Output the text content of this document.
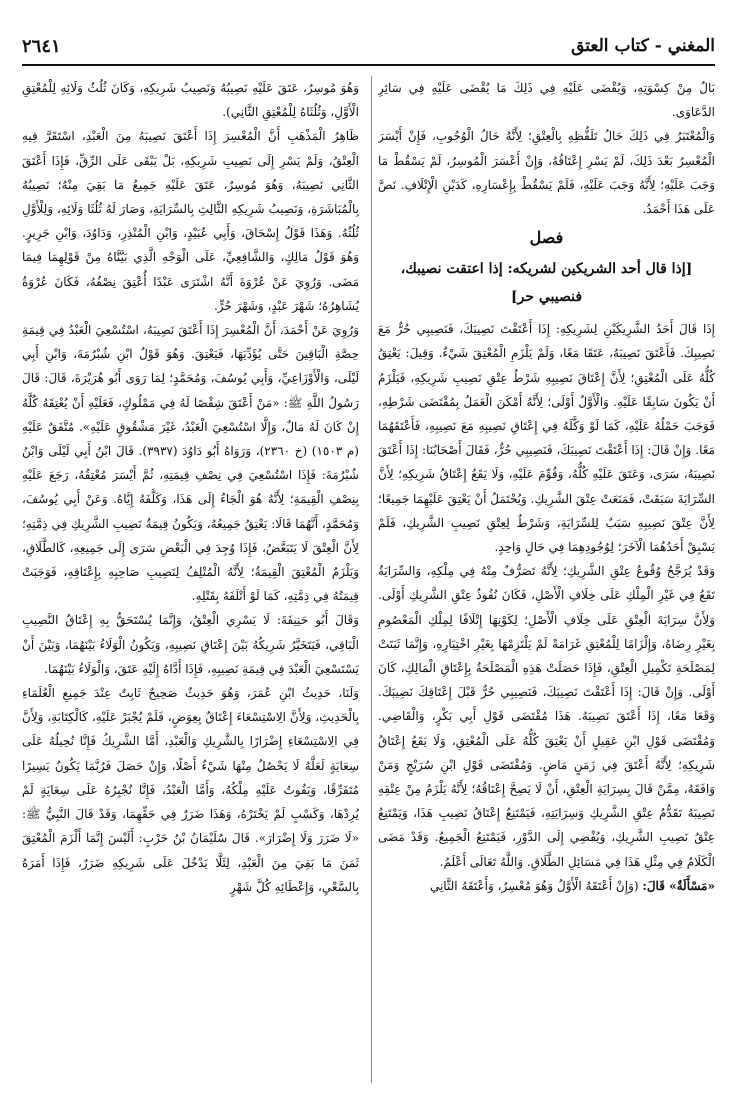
المغني - كتاب العتق
٢٦٤١

بَالٌ مِنْ كِسْوَتِهِ، وَيُقْضَى عَلَيْهِ فِي ذَلِكَ مَا يُقْضَى عَلَيْهِ فِي سَائِرِ الدَّعَاوَى.

وَالْمُعْتَبَرُ فِي ذَلِكَ حَالُ تَلَفُّظِهِ بِالْعِتْقِ؛ لِأَنَّهُ حَالُ الْوُجُوبِ، فَإِنْ أَيْسَرَ الْمُعْسِرُ بَعْدَ ذَلِكَ، لَمْ يَسْرِ إِعْتَاقُهُ، وَإِنْ أَعْسَرَ الْمُوسِرُ، لَمْ يَسْقُطْ مَا وَجَبَ عَلَيْهِ؛ لِأَنَّهُ وَجَبَ عَلَيْهِ، فَلَمْ يَسْقُطْ بِإِعْسَارِهِ، كَدَيْنِ الْإِتْلَافِ. نَصَّ عَلَى هَذَا أَحْمَدُ.

فصل
[إذا قال أحد الشريكين لشريكه: إذا اعتقت نصيبك، فنصيبي حر]

إِذَا قَالَ أَحَدُ الشَّرِيكَيْنِ لِشَرِيكِهِ: إِذَا أَعْتَقْتَ نَصِيبَكَ، فَنَصِيبِي حُرٌّ مَعَ نَصِيبِكَ. فَأَعْتَقَ نَصِيبَهُ، عَتَقَا مَعًا، وَلَمْ يَلْزَمِ الْمُعْتِقَ شَيْءٌ. وَقِيلَ: يَعْتِقُ كُلُّهُ عَلَى الْمُعْتِقِ؛ لِأَنَّ إِعْتَاقَ نَصِيبِهِ شَرْطُ عِتْقِ نَصِيبِ شَرِيكِهِ، فَيَلْزَمُ أَنْ يَكُونَ سَابِقًا عَلَيْهِ. وَالْأَوَّلُ أَوْلَى؛ لِأَنَّهُ أَمْكَنَ الْعَمَلُ بِمُقْتَضَى شَرْطِهِ، فَوَجَبَ حَمْلُهُ عَلَيْهِ، كَمَا لَوْ وَكَّلَهُ فِي إِعْتَاقِ نَصِيبِهِ مَعَ نَصِيبِهِ، فَأَعْتَقَهُمَا مَعًا. وَإِنْ قَالَ: إِذَا أَعْتَقْتَ نَصِيبَكَ، فَنَصِيبِي حُرٌّ، فَقَالَ أَصْحَابُنَا: إِذَا أَعْتَقَ نَصِيبَهُ، سَرَى، وَعَتَقَ عَلَيْهِ كُلُّهُ، وَقُوِّمَ عَلَيْهِ، وَلَا يَقَعُ إِعْتَاقُ شَرِيكِهِ؛ لِأَنَّ السِّرَايَةَ سَبَقَتْ، فَمَنَعَتْ عِتْقَ الشَّرِيكِ. وَيُحْتَمَلُ أَنْ يَعْتِقَ عَلَيْهِمَا جَمِيعًا؛ لِأَنَّ عِتْقَ نَصِيبِهِ سَبَبٌ لِلسِّرَايَةِ، وَشَرْطٌ لِعِتْقِ نَصِيبِ الشَّرِيكِ، فَلَمْ يَسْبِقْ أَحَدُهُمَا الْآخَرَ؛ لِوُجُودِهِمَا فِي حَالٍ وَاحِدٍ.

وَقَدْ يُرَجَّحُ وُقُوعُ عِتْقِ الشَّرِيكِ؛ لِأَنَّهُ تَصَرُّفٌ مِنْهُ فِي مِلْكِهِ، وَالسِّرَايَةُ تَقَعُ فِي غَيْرِ الْمِلْكِ عَلَى خِلَافِ الْأَصْلِ، فَكَانَ نُفُوذُ عِتْقِ الشَّرِيكِ أَوْلَى. وَلِأَنَّ سِرَايَةَ الْعِتْقِ عَلَى خِلَافِ الْأَصْلِ؛ لِكَوْنِهَا إِتْلَافًا لِمِلْكِ الْمَعْصُومِ بِغَيْرِ رِضَاهُ، وَإِلْزَامًا لِلْمُعْتِقِ غَرَامَةً لَمْ يَلْتَزِمْهَا بِغَيْرِ اخْتِيَارِهِ، وَإِنَّمَا ثَبَتَتْ لِمَصْلَحَةِ تَكْمِيلِ الْعِتْقِ، فَإِذَا حَصَلَتْ هَذِهِ الْمَصْلَحَةُ بِإِعْتَاقِ الْمَالِكِ، كَانَ أَوْلَى. وَإِنْ قَالَ: إِذَا أَعْتَقْتَ نَصِيبَكَ، فَنَصِيبِي حُرٌّ قَبْلَ إِعْتَاقِكَ نَصِيبَكَ. وَقَعَا مَعًا، إِذَا أَعْتَقَ نَصِيبَهُ. هَذَا مُقْتَضَى قَوْلِ أَبِي بَكْرٍ، وَالْقَاضِي. وَمُقْتَضَى قَوْلِ ابْنِ عَقِيلٍ أَنْ يَعْتِقَ كُلُّهُ عَلَى الْمُعْتِقِ، وَلَا يَقَعُ إِعْتَاقُ شَرِيكِهِ؛ لِأَنَّهُ أَعْتَقَ فِي زَمَنٍ مَاضٍ. وَمُقْتَضَى قَوْلِ ابْنِ سُرَيْجٍ وَمَنْ وَافَقَهُ، مِمَّنْ قَالَ بِسِرَايَةِ الْعِتْقِ، أَنْ لَا يَصِحَّ إِعْتَاقُهُ؛ لِأَنَّهُ يَلْزَمُ مِنْ عِتْقِهِ نَصِيبَهُ تَقَدُّمُ عِتْقِ الشَّرِيكِ وَسِرَايَتِهِ، فَيَمْتَنِعُ إِعْتَاقُ نَصِيبِ هَذَا، وَيَمْتَنِعُ عِتْقُ نَصِيبِ الشَّرِيكِ، وَيُفْضِي إِلَى الدَّوْرِ، فَيَمْتَنِعُ الْجَمِيعُ. وَقَدْ مَضَى الْكَلَامُ فِي مِثْلِ هَذَا فِي مَسَائِلِ الطَّلَاقِ. وَاللَّهُ تَعَالَى أَعْلَمُ.

«مَسْأَلَةٌ» قَالَ: (وَإِنْ أَعْتَقَهُ الْأَوَّلُ وَهُوَ مُعْسِرٌ، وَأَعْتَقَهُ الثَّانِي

وَهُوَ مُوسِرٌ، عَتَقَ عَلَيْهِ نَصِيبُهُ وَنَصِيبُ شَرِيكِهِ، وَكَانَ ثُلُثُ وَلَائِهِ لِلْمُعْتِقِ الْأَوَّلِ، وَثُلُثَاهُ لِلْمُعْتِقِ الثَّانِي).

ظَاهِرُ الْمَذْهَبِ أَنَّ الْمُعْسِرَ إِذَا أَعْتَقَ نَصِيبَهُ مِنَ الْعَبْدِ، اسْتَقَرَّ فِيهِ الْعِتْقُ، وَلَمْ يَسْرِ إِلَى نَصِيبِ شَرِيكِهِ، بَلْ يَبْقَى عَلَى الرِّقِّ، فَإِذَا أَعْتَقَ الثَّانِي نَصِيبَهُ، وَهُوَ مُوسِرٌ، عَتَقَ عَلَيْهِ جَمِيعُ مَا بَقِيَ مِنْهُ؛ نَصِيبُهُ بِالْمُبَاشَرَةِ، وَنَصِيبُ شَرِيكِهِ الثَّالِثِ بِالسِّرَايَةِ، وَصَارَ لَهُ ثُلُثَا وَلَائِهِ، وَلِلْأَوَّلِ ثُلُثُهُ. وَهَذَا قَوْلُ إِسْحَاقَ، وَأَبِي عُبَيْدٍ، وَابْنِ الْمُنْذِرِ، وَدَاوُدَ، وَابْنِ جَرِيرٍ. وَهُوَ قَوْلُ مَالِكٍ، وَالشَّافِعِيِّ، عَلَى الْوَجْهِ الَّذِي بَيَّنَّاهُ مِنْ قَوْلِهِمَا فِيمَا مَضَى. وَرُوِيَ عَنْ عُرْوَةَ أَنَّهُ اشْتَرَى عَبْدًا أُعْتِقَ نِصْفُهُ، فَكَانَ عُرْوَةُ يُشَاهِرُهُ؛ شَهْرَ عَبْدٍ، وَشَهْرَ حُرٍّ.

وَرُوِيَ عَنْ أَحْمَدَ، أَنَّ الْمُعْسِرَ إِذَا أَعْتَقَ نَصِيبَهُ، اسْتُسْعِيَ الْعَبْدُ فِي قِيمَةِ حِصَّةِ الْبَاقِينَ حَتَّى يُؤَدِّيَهَا، فَيَعْتِقَ. وَهُوَ قَوْلُ ابْنِ شُبْرُمَةَ، وَابْنِ أَبِي لَيْلَى، وَالْأَوْزَاعِيِّ، وَأَبِي يُوسُفَ، وَمُحَمَّدٍ؛ لِمَا رَوَى أَبُو هُرَيْرَةَ، قَالَ: قَالَ رَسُولُ اللَّهِ ﷺ: «مَنْ أَعْتَقَ شِقْصًا لَهُ فِي مَمْلُوكٍ، فَعَلَيْهِ أَنْ يُعْتِقَهُ كُلَّهُ إِنْ كَانَ لَهُ مَالٌ، وَإِلَّا اسْتُسْعِيَ الْعَبْدُ، غَيْرَ مَشْقُوقٍ عَلَيْهِ». مُتَّفَقٌ عَلَيْهِ (م ١٥٠٣) (خ ٢٣٦٠)، وَرَوَاهُ أَبُو دَاوُدَ (٣٩٣٧). قَالَ ابْنُ أَبِي لَيْلَى وَابْنُ شُبْرُمَةَ: فَإِذَا اسْتُسْعِيَ فِي نِصْفِ قِيمَتِهِ، ثُمَّ أَيْسَرَ مُعْتِقُهُ، رَجَعَ عَلَيْهِ بِنِصْفِ الْقِيمَةِ؛ لِأَنَّهُ هُوَ الْجَاءُ إِلَى هَذَا، وَكَلَّفَهُ إِيَّاهُ. وَعَنْ أَبِي يُوسُفَ، وَمُحَمَّدٍ، أَنَّهُمَا قَالَا: يَعْتِقُ جَمِيعُهُ، وَيَكُونُ قِيمَةُ نَصِيبِ الشَّرِيكِ فِي ذِمَّتِهِ؛ لِأَنَّ الْعِتْقَ لَا يَتَبَعَّضُ، فَإِذَا وُجِدَ فِي الْبَعْضِ سَرَى إِلَى جَمِيعِهِ، كَالطَّلَاقِ، وَيَلْزَمُ الْمُعْتِقَ الْقِيمَةُ؛ لِأَنَّهُ الْمُتْلِفُ لِنَصِيبِ صَاحِبِهِ بِإِعْتَاقِهِ، فَوَجَبَتْ قِيمَتُهُ فِي ذِمَّتِهِ، كَمَا لَوْ أَتْلَفَهُ بِقَتْلِهِ.

وَقَالَ أَبُو حَنِيفَةَ: لَا يَسْرِي الْعِتْقُ، وَإِنَّمَا يُسْتَحَقُّ بِهِ إِعْتَاقُ النَّصِيبِ الْبَاقِي، فَيَتَخَيَّرُ شَرِيكُهُ بَيْنَ إِعْتَاقِ نَصِيبِهِ، وَيَكُونُ الْوَلَاءُ بَيْنَهُمَا، وَبَيْنَ أَنْ يَسْتَسْعِيَ الْعَبْدَ فِي قِيمَةِ نَصِيبِهِ، فَإِذَا أَدَّاهُ إِلَيْهِ عَتَقَ، وَالْوَلَاءُ بَيْنَهُمَا.

وَلَنَا، حَدِيثُ ابْنِ عُمَرَ، وَهُوَ حَدِيثٌ صَحِيحٌ ثَابِتٌ عِنْدَ جَمِيعِ الْعُلَمَاءِ بِالْحَدِيثِ، وَلِأَنَّ الِاسْتِسْعَاءَ إِعْتَاقٌ بِعِوَضٍ، فَلَمْ يُجْبَرْ عَلَيْهِ، كَالْكِتَابَةِ، وَلِأَنَّ فِي الِاسْتِسْعَاءِ إِضْرَارًا بِالشَّرِيكِ وَالْعَبْدِ، أَمَّا الشَّرِيكُ فَإِنَّا نُحِيلُهُ عَلَى سِعَايَةٍ لَعَلَّهُ لَا يَحْصُلُ مِنْهَا شَيْءٌ أَصْلًا، وَإِنْ حَصَلَ فَرُبَّمَا يَكُونُ يَسِيرًا مُتَفَرِّقًا، وَيَفُوتُ عَلَيْهِ مِلْكُهُ، وَأَمَّا الْعَبْدُ، فَإِنَّا نُجْبِرُهُ عَلَى سِعَايَةٍ لَمْ يُرِدْهَا، وَكَسْبٍ لَمْ يَخْتَرْهُ، وَهَذَا ضَرَرٌ فِي حَقِّهِمَا، وَقَدْ قَالَ النَّبِيُّ ﷺ: «لَا ضَرَرَ وَلَا إِضْرَارَ». قَالَ سُلَيْمَانُ بْنُ حَرْبٍ: أَلَيْسَ إِنَّمَا أَلْزَمَ الْمُعْتِقَ ثَمَنَ مَا بَقِيَ مِنَ الْعَبْدِ، لِئَلَّا يَدْخُلَ عَلَى شَرِيكِهِ ضَرَرٌ، فَإِذَا أَمَرَهُ بِالسَّعْيِ، وَإِعْطَائِهِ كُلَّ شَهْرٍ
